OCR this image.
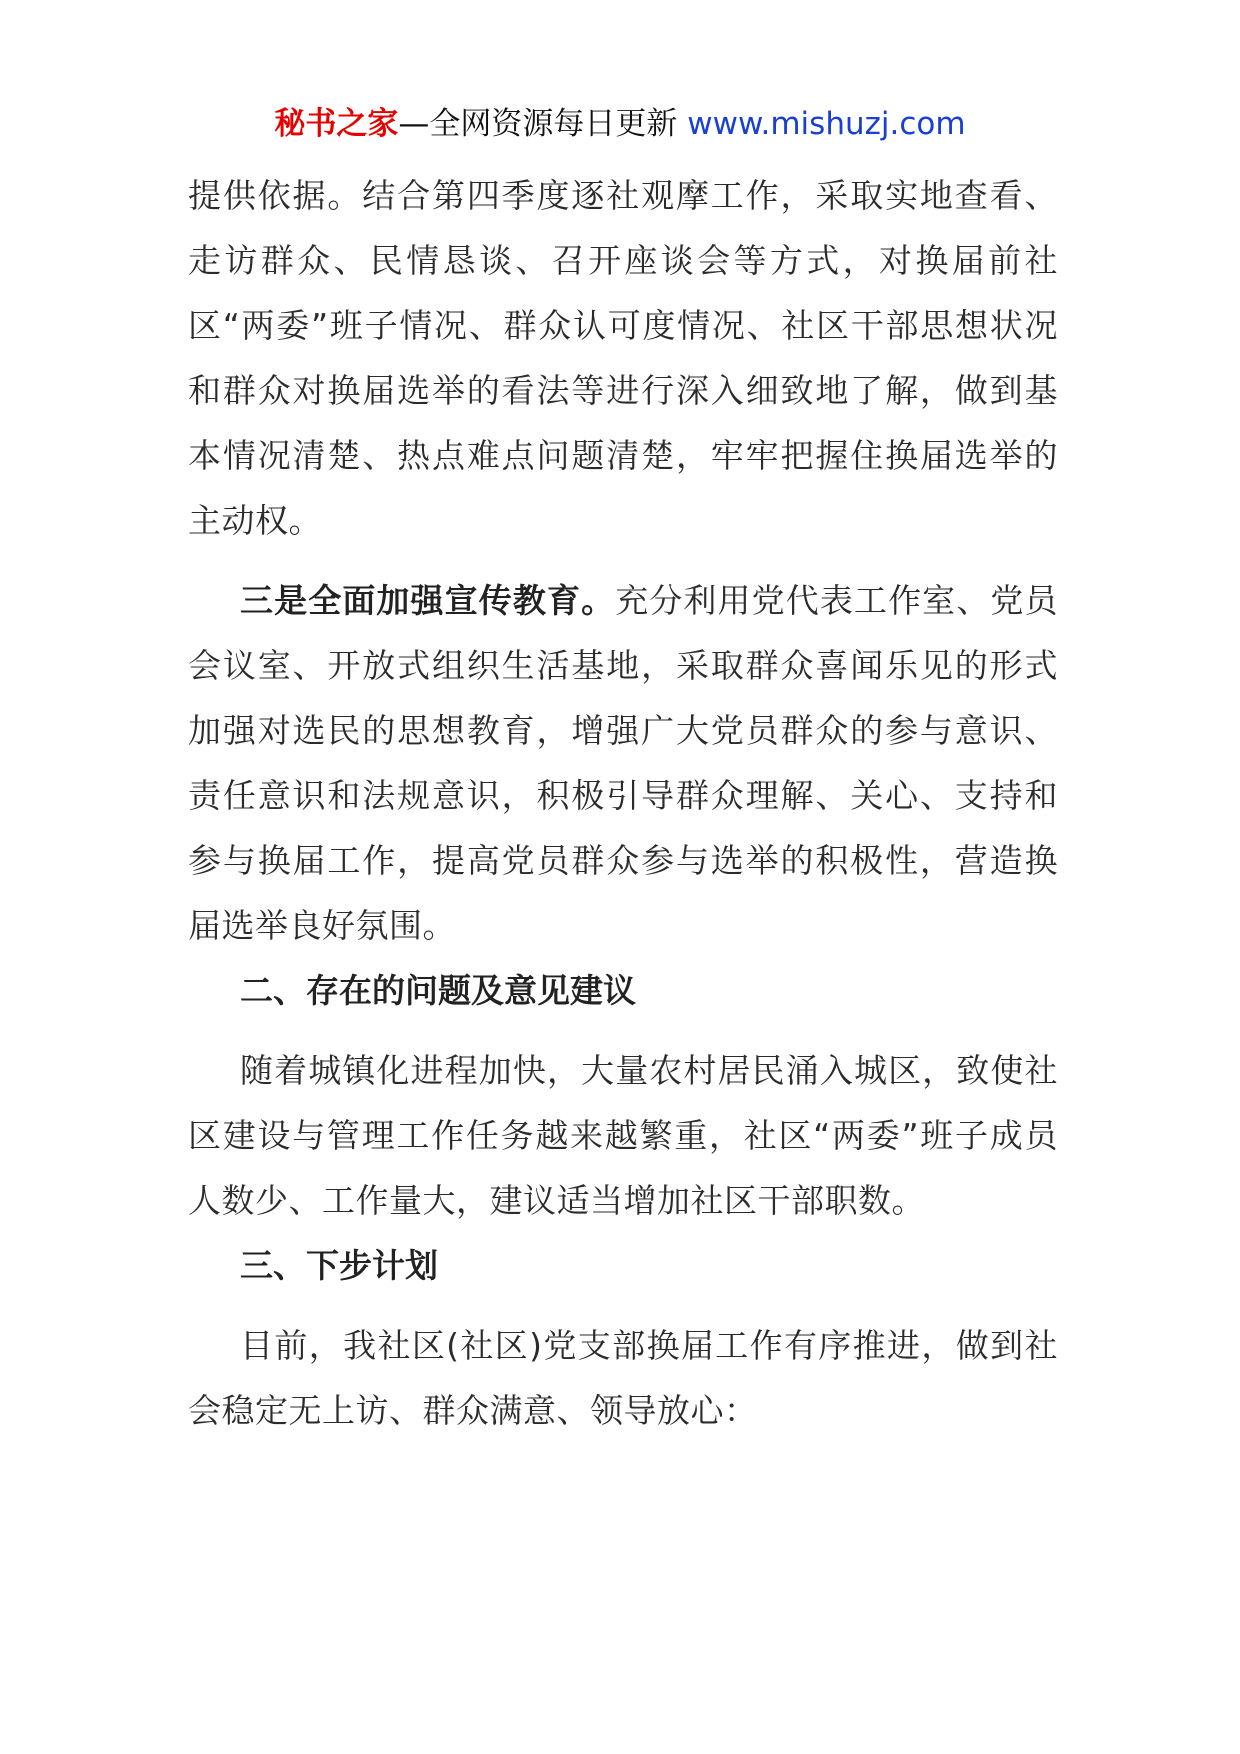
秘书之家—全网资源每日更新 www.mishuzj.com

提供依据。结合第四季度逐社观摩工作，采取实地查看、走访群众、民情恳谈、召开座谈会等方式，对换届前社区“两委”班子情况、群众认可度情况、社区干部思想状况和群众对换届选举的看法等进行深入细致地了解，做到基本情况清楚、热点难点问题清楚，牢牢把握住换届选举的主动权。

三是全面加强宣传教育。充分利用党代表工作室、党员会议室、开放式组织生活基地，采取群众喜闻乐见的形式加强对选民的思想教育，增强广大党员群众的参与意识、责任意识和法规意识，积极引导群众理解、关心、支持和参与换届工作，提高党员群众参与选举的积极性，营造换届选举良好氛围。

二、存在的问题及意见建议

随着城镇化进程加快，大量农村居民涌入城区，致使社区建设与管理工作任务越来越繁重，社区“两委”班子成员人数少、工作量大，建议适当增加社区干部职数。

三、下步计划

目前，我社区(社区)党支部换届工作有序推进，做到社会稳定无上访、群众满意、领导放心：
